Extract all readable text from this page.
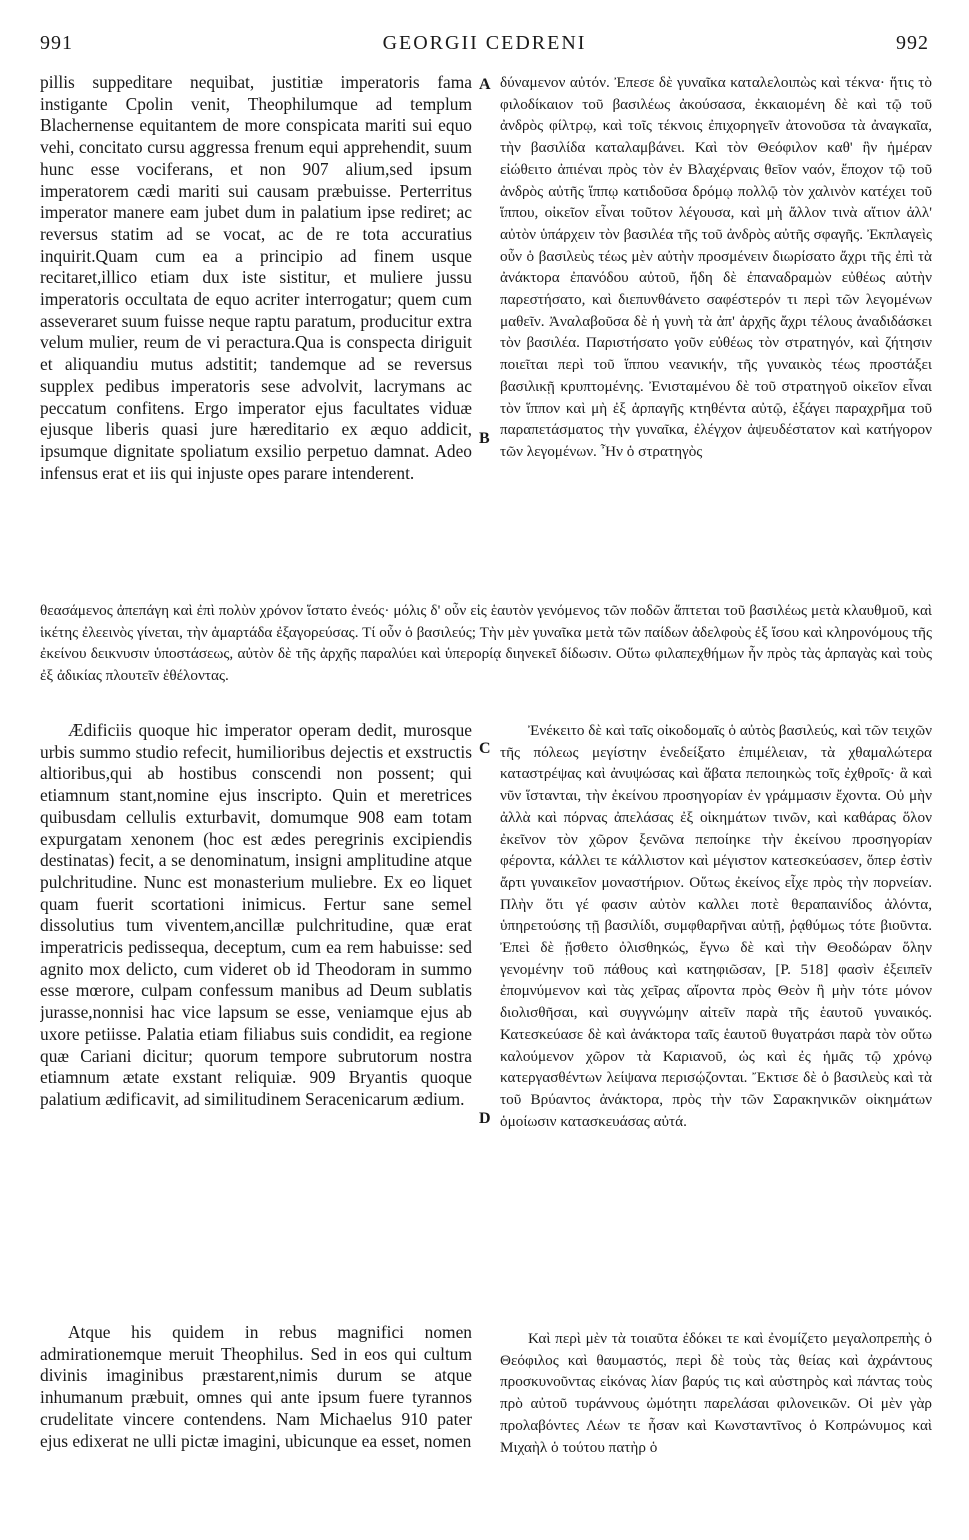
991	GEORGII CEDRENI	992
pillis suppeditare nequibat, justitiæ imperatoris fama instigante Cpolin venit, Theophilumque ad templum Blachernense equitantem de more conspicata mariti sui equo vehi, concitato cursu aggressa frenum equi apprehendit, suum hunc esse vociferans, et non 907 alium,sed ipsum imperatorem cædi mariti sui causam præbuisse. Perterritus imperator manere eam jubet dum in palatium ipse rediret; ac reversus statim ad se vocat, ac de re tota accuratius inquirit.Quam cum ea a principio ad finem usque recitaret,illico etiam dux iste sistitur, et muliere jussu imperatoris occultata de equo acriter interrogatur; quem cum asseveraret suum fuisse neque raptu paratum, producitur extra velum mulier, reum de vi peractura.Qua is conspecta diriguit et aliquandiu mutus adstitit; tandemque ad se reversus supplex pedibus imperatoris sese advolvit, lacrymans ac peccatum confitens. Ergo imperator ejus facultates viduæ ejusque liberis quasi jure hæreditario ex æquo addicit, ipsumque dignitate spoliatum exsilio perpetuo damnat. Adeo infensus erat et iis qui injuste opes parare intenderent.
A δύναμενον αὐτόν. Ἐπεσε δὲ γυναῖκα καταλελοιπὼς καὶ τέκνα· ἥτις τὸ φιλοδίκαιον τοῦ βασιλέως ἀκούσασα, ἐκκαιομένη δὲ καὶ τῷ τοῦ ἀνδρὸς φίλτρῳ, καὶ τοῖς τέκνοις ἐπιχορηγεῖν ἀτονοῦσα τὰ ἀναγκαῖα, τὴν βασιλίδα καταλαμβάνει. Καὶ τὸν Θεόφιλον καθ' ἣν ἡμέραν εἰώθειτο ἀπιέναι πρὸς τὸν ἐν Βλαχέρναις θεῖον ναόν, ἔποχον τῷ τοῦ ἀνδρὸς αὐτῆς ἵππῳ κατιδοῦσα δρόμῳ πολλῷ τὸν χαλινὸν κατέχει τοῦ ἵππου, οἰκεῖον εἶναι τοῦτον λέγουσα, καὶ μὴ ἄλλον τινὰ αἴτιον ἀλλ' αὐτὸν ὑπάρχειν τὸν βασιλέα τῆς τοῦ ἀνδρὸς αὐτῆς σφαγῆς. Ἐκπλαγεὶς οὖν ὁ βασιλεὺς τέως μὲν αὐτὴν προσμένειν διωρίσατο ἄχρι τῆς ἐπὶ τὰ ἀνάκτορα ἐπανόδου αὐτοῦ, ἤδη δὲ ἐπαναδραμὼν εὐθέως αὐτὴν παρεστήσατο, καὶ διεπυνθάνετο σαφέστερόν τι περὶ τῶν λεγομένων μαθεῖν. Ἀναλαβοῦσα δὲ ἡ γυνὴ τὰ ἀπ' ἀρχῆς ἄχρι τέλους ἀναδιδάσκει τὸν βασιλέα. Παριστήσατο γοῦν εὐθέως τὸν στρατηγόν, καὶ ζήτησιν ποιεῖται περὶ τοῦ ἵππου νεανικήν, τῆς γυναικὸς τέως προστάξει βασιλικῇ κρυπτομένης. Ἐνισταμένου δὲ τοῦ στρατηγοῦ οἰκεῖον εἶναι τὸν ἵππον καὶ μὴ ἐξ ἁρπαγῆς κτηθέντα αὐτῷ, ἐξάγει παραχρῆμα τοῦ παραπετάσματος τὴν γυναῖκα, ἐλέγχον ἀψευδέστατον καὶ κατήγορον τῶν λεγομένων. Ἦν ὁ στρατηγὸς
B
θεασάμενος ἀπεπάγη καὶ ἐπὶ πολὺν χρόνον ἵστατο ἐνεός· μόλις δ' οὖν εἰς ἑαυτὸν γενόμενος τῶν ποδῶν ἅπτεται τοῦ βασιλέως μετὰ κλαυθμοῦ, καὶ ἱκέτης ἐλεεινὸς γίνεται, τὴν ἁμαρτάδα ἐξαγορεύσας. Τί οὖν ὁ βασιλεύς; Τὴν μὲν γυναῖκα μετὰ τῶν παίδων ἀδελφοὺς ἐξ ἴσου καὶ κληρονόμους τῆς ἐκείνου δεικνυσιν ὑποστάσεως, αὐτὸν δὲ τῆς ἀρχῆς παραλύει καὶ ὑπερορίᾳ διηνεκεῖ δίδωσιν. Οὕτω φιλαπεχθήμων ἦν πρὸς τὰς ἁρπαγὰς καὶ τοὺς ἐξ ἀδικίας πλουτεῖν ἐθέλοντας.
Ædificiis quoque hic imperator operam dedit, murosque urbis summo studio refecit, humilioribus dejectis et exstructis altioribus,qui ab hostibus conscendi non possent; qui etiamnum stant,nomine ejus inscripto. Quin et meretrices quibusdam cellulis exturbavit, domumque 908 eam totam expurgatam xenonem (hoc est ædes peregrinis excipiendis destinatas) fecit, a se denominatum, insigni amplitudine atque pulchritudine. Nunc est monasterium muliebre. Ex eo liquet quam fuerit scortationi inimicus. Fertur sane semel dissolutius tum viventem,ancillæ pulchritudine, quæ erat imperatricis pedissequa, deceptum, cum ea rem habuisse: sed agnito mox delicto, cum videret ob id Theodoram in summo esse mœrore, culpam confessum manibus ad Deum sublatis jurasse,nonnisi hac vice lapsum se esse, veniamque ejus ab uxore petiisse. Palatia etiam filiabus suis condidit, ea regione quæ Cariani dicitur; quorum tempore subrutorum nostra etiamnum ætate exstant reliquiæ. 909 Bryantis quoque palatium ædificavit, ad similitudinem Seracenicarum ædium.
C
Ἐνέκειτο δὲ καὶ ταῖς οἰκοδομαῖς ὁ αὐτὸς βασιλεύς, καὶ τῶν τειχῶν τῆς πόλεως μεγίστην ἐνεδείξατο ἐπιμέλειαν, τὰ χθαμαλώτερα καταστρέψας καὶ ἀνυψώσας καὶ ἄβατα πεποιηκὼς τοῖς ἐχθροῖς· ἃ καὶ νῦν ἵστανται, τὴν ἐκείνου προσηγορίαν ἐν γράμμασιν ἔχοντα. Οὐ μὴν ἀλλὰ καὶ πόρνας ἀπελάσας ἐξ οἰκημάτων τινῶν, καὶ καθάρας ὅλον ἐκεῖνον τὸν χῶρον ξενῶνα πεποίηκε τὴν ἐκείνου προσηγορίαν φέροντα, κάλλει τε κάλλιστον καὶ μέγιστον κατεσκεύασεν, ὅπερ ἐστὶν ἄρτι γυναικεῖον μοναστήριον. Οὕτως ἐκείνος εἶχε πρὸς τὴν πορνείαν. Πλὴν ὅτι γέ φασιν αὐτὸν καλλει ποτὲ θεραπαινίδος ἁλόντα, ὑπηρετούσης τῇ βασιλίδι, συμφθαρῆναι αὐτῇ, ῥᾳθύμως τότε βιοῦντα. Ἐπεὶ δὲ ᾔσθετο ὀλισθηκώς, ἔγνω δὲ καὶ τὴν Θεοδώραν ὅλην γενομένην τοῦ πάθους καὶ κατηφιῶσαν, [P. 518] φασὶν ἐξειπεῖν ἐπομνύμενον καὶ τὰς χεῖρας αἴροντα πρὸς Θεὸν ἢ μὴν τότε μόνον διολισθῆσαι, καὶ συγγνώμην αἰτεῖν παρὰ τῆς ἑαυτοῦ γυναικός. Κατεσκεύασε δὲ καὶ ἀνάκτορα ταῖς ἑαυτοῦ θυγατράσι παρὰ τὸν οὕτω καλούμενον χῶρον τὰ Καριανοῦ, ὡς καὶ ἐς ἡμᾶς τῷ χρόνῳ κατεργασθέντων λείψανα περισῴζονται. Ἔκτισε δὲ ὁ βασιλεὺς καὶ τὰ τοῦ Βρύαντος ἀνάκτορα, πρὸς τὴν τῶν Σαρακηνικῶν οἰκημάτων ὁμοίωσιν κατασκευάσας αὐτά.
D
Atque his quidem in rebus magnifici nomen admirationemque meruit Theophilus. Sed in eos qui cultum divinis imaginibus præstarent,nimis durum se atque inhumanum præbuit, omnes qui ante ipsum fuere tyrannos crudelitate vincere contendens. Nam Michaelus 910 pater ejus edixerat ne ulli pictæ imagini, ubicunque ea esset, nomen
Καὶ περὶ μὲν τὰ τοιαῦτα ἐδόκει τε καὶ ἐνομίζετο μεγαλοπρεπὴς ὁ Θεόφιλος καὶ θαυμαστός, περὶ δὲ τοὺς τὰς θείας καὶ ἀχράντους προσκυνοῦντας εἰκόνας λίαν βαρύς τις καὶ αὐστηρὸς καὶ πάντας τοὺς πρὸ αὐτοῦ τυράννους ὠμότητι παρελάσαι φιλονεικῶν. Οἱ μὲν γὰρ προλαβόντες Λέων τε ἦσαν καὶ Κωνσταντῖνος ὁ Κοπρώνυμος καὶ Μιχαὴλ ὁ τούτου πατὴρ ὁ
